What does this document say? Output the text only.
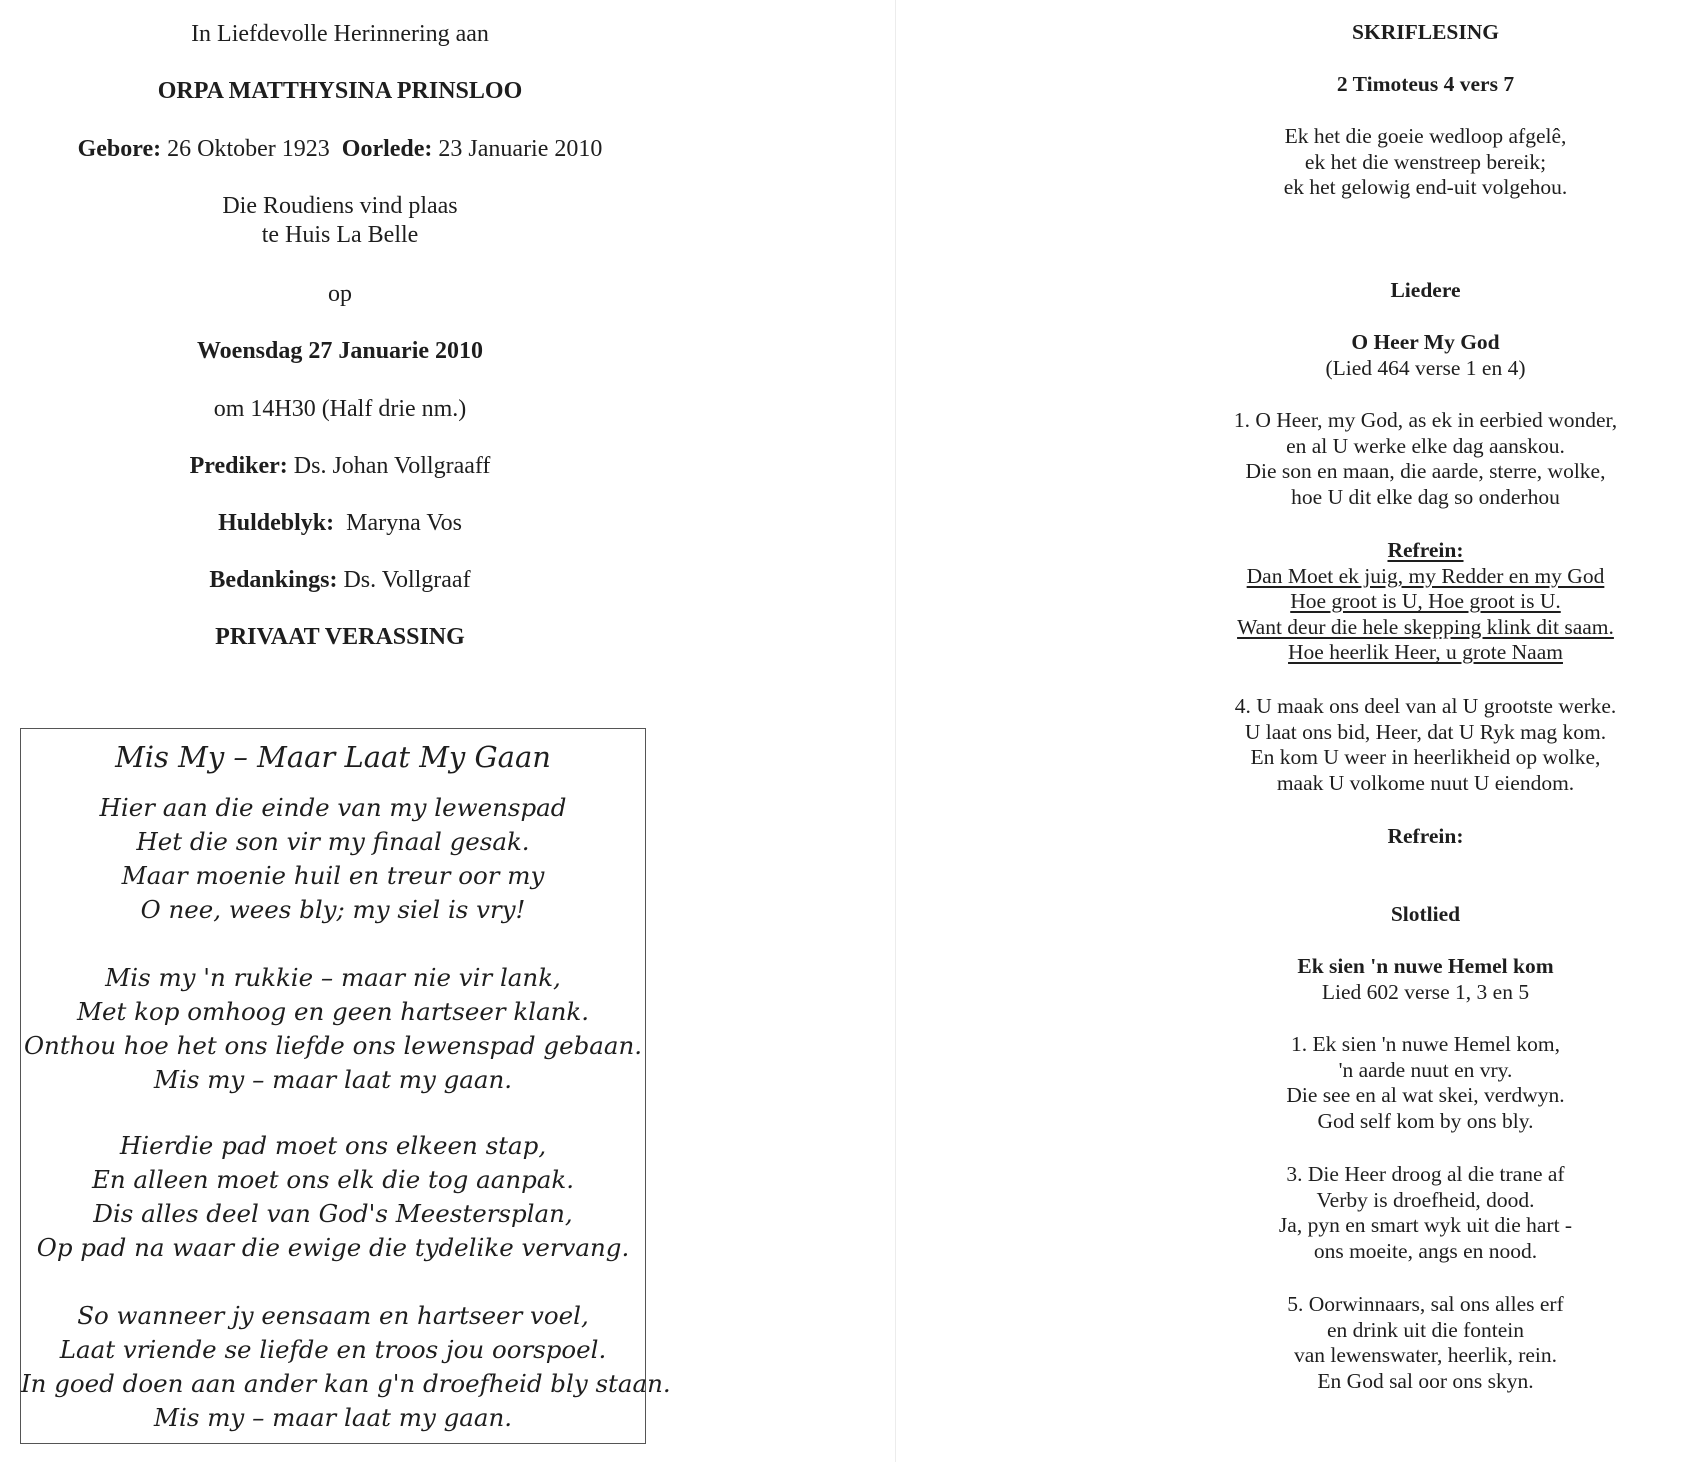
In Liefdevolle Herinnering aan

ORPA MATTHYSINA PRINSLOO

Gebore: 26 Oktober 1923 Oorlede: 23 Januarie 2010

Die Roudiens vind plaas
te Huis La Belle

op

Woensdag 27 Januarie 2010

om 14H30 (Half drie nm.)

Prediker: Ds. Johan Vollgraaff

Huldeblyk: Maryna Vos

Bedankings: Ds. Vollgraaf

PRIVAAT VERASSING

Mis My – Maar Laat My Gaan
Hier aan die einde van my lewenspad
Het die son vir my finaal gesak.
Maar moenie huil en treur oor my
O nee, wees bly; my siel is vry!
Mis my 'n rukkie – maar nie vir lank,
Met kop omhoog en geen hartseer klank.
Onthou hoe het ons liefde ons lewenspad gebaan.
Mis my – maar laat my gaan.
Hierdie pad moet ons elkeen stap,
En alleen moet ons elk die tog aanpak.
Dis alles deel van God's Meestersplan,
Op pad na waar die ewige die tydelike vervang.
So wanneer jy eensaam en hartseer voel,
Laat vriende se liefde en troos jou oorspoel.
In goed doen aan ander kan g'n droefheid bly staan.
Mis my – maar laat my gaan.

SKRIFLESING

2 Timoteus 4 vers 7

Ek het die goeie wedloop afgelê,
ek het die wenstreep bereik;
ek het gelowig end-uit volgehou.

Liedere

O Heer My God
(Lied 464 verse 1 en 4)

1. O Heer, my God, as ek in eerbied wonder,
en al U werke elke dag aanskou.
Die son en maan, die aarde, sterre, wolke,
hoe U dit elke dag so onderhou

Refrein:
Dan Moet ek juig, my Redder en my God
Hoe groot is U, Hoe groot is U.
Want deur die hele skepping klink dit saam.
Hoe heerlik Heer, u grote Naam

4. U maak ons deel van al U grootste werke.
U laat ons bid, Heer, dat U Ryk mag kom.
En kom U weer in heerlikheid op wolke,
maak U volkome nuut U eiendom.

Refrein:

Slotlied

Ek sien 'n nuwe Hemel kom
Lied 602 verse 1, 3 en 5

1. Ek sien 'n nuwe Hemel kom,
'n aarde nuut en vry.
Die see en al wat skei, verdwyn.
God self kom by ons bly.

3. Die Heer droog al die trane af
Verby is droefheid, dood.
Ja, pyn en smart wyk uit die hart -
ons moeite, angs en nood.

5. Oorwinnaars, sal ons alles erf
en drink uit die fontein
van lewenswater, heerlik, rein.
En God sal oor ons skyn.
